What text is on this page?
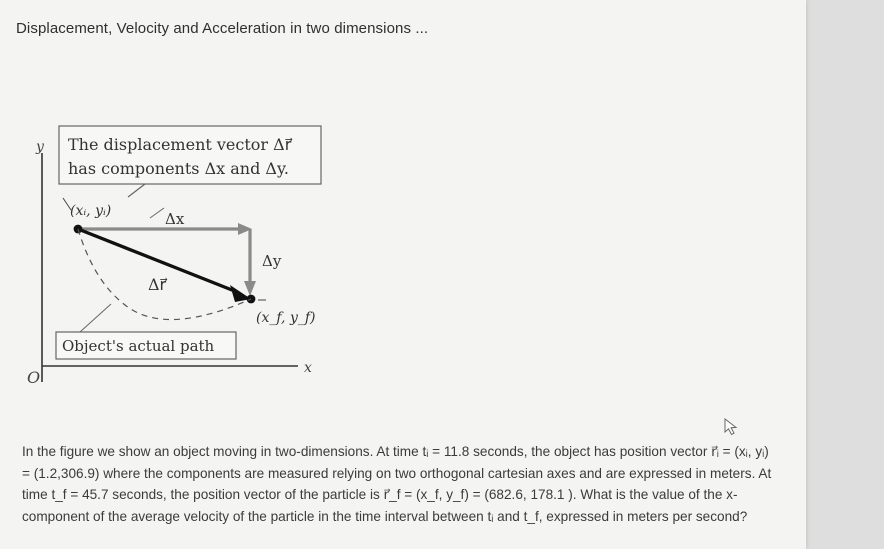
Displacement, Velocity and Acceleration in two dimensions ...
y
x
O
The displacement vector Δr⃗
has components Δx and Δy.
(xᵢ, yᵢ)	Δx
Δy
Δr⃗
(x_f, y_f)
Object's actual path

In the figure we show an object moving in two-dimensions. At time tᵢ = 11.8 seconds, the object has position vector r⃗ᵢ = (xᵢ, yᵢ) = (1.2,306.9) where the components are measured relying on two orthogonal cartesian axes and are expressed in meters. At time t_f = 45.7 seconds, the position vector of the particle is r⃗_f = (x_f, y_f) = (682.6, 178.1 ). What is the value of the x-component of the average velocity of the particle in the time interval between tᵢ and t_f, expressed in meters per second?
